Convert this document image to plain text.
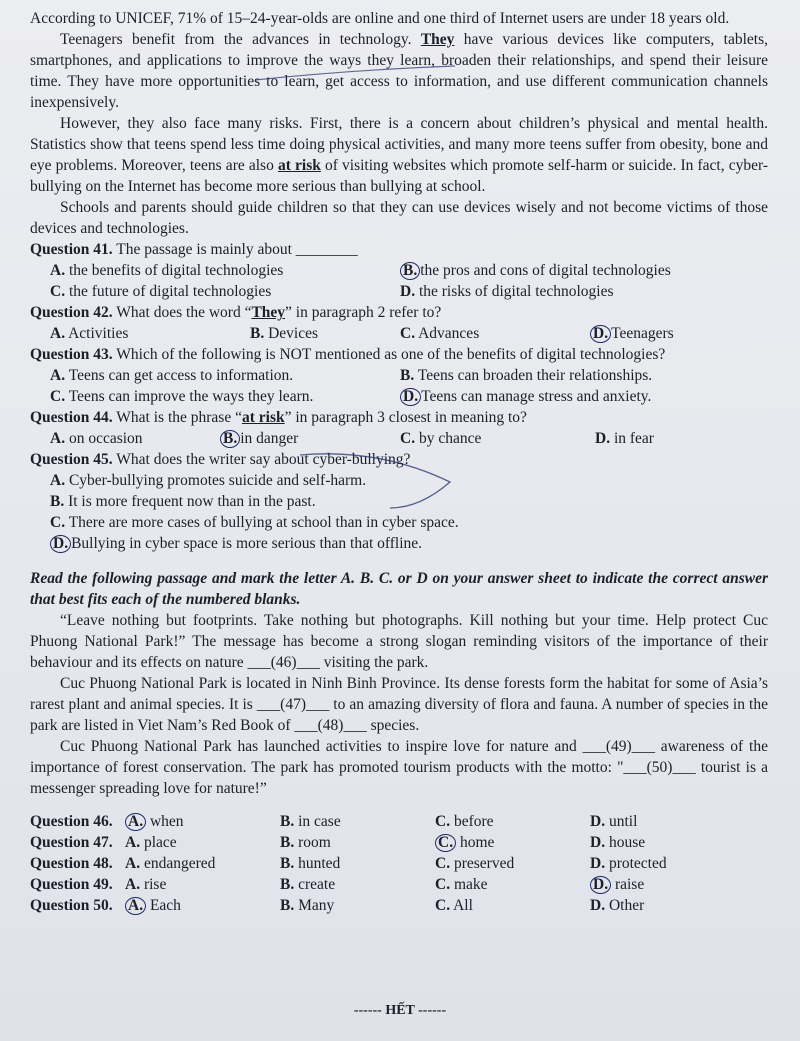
According to UNICEF, 71% of 15–24-year-olds are online and one third of Internet users are under 18 years old.

Teenagers benefit from the advances in technology. They have various devices like computers, tablets, smartphones, and applications to improve the ways they learn, broaden their relationships, and spend their leisure time. They have more opportunities to learn, get access to information, and use different communication channels inexpensively.

However, they also face many risks. First, there is a concern about children’s physical and mental health. Statistics show that teens spend less time doing physical activities, and many more teens suffer from obesity, bone and eye problems. Moreover, teens are also at risk of visiting websites which promote self-harm or suicide. In fact, cyber-bullying on the Internet has become more serious than bullying at school.

Schools and parents should guide children so that they can use devices wisely and not become victims of those devices and technologies.

Question 41. The passage is mainly about ________

A. the benefits of digital technologies	B. the pros and cons of digital technologies
C. the future of digital technologies	D. the risks of digital technologies

Question 42. What does the word “They” in paragraph 2 refer to?

A. Activities	B. Devices	C. Advances	D. Teenagers

Question 43. Which of the following is NOT mentioned as one of the benefits of digital technologies?

A. Teens can get access to information.	B. Teens can broaden their relationships.
C. Teens can improve the ways they learn.	D. Teens can manage stress and anxiety.

Question 44. What is the phrase “at risk” in paragraph 3 closest in meaning to?

A. on occasion	B. in danger	C. by chance	D. in fear

Question 45. What does the writer say about cyber-bullying?

A. Cyber-bullying promotes suicide and self-harm.
B. It is more frequent now than in the past.
C. There are more cases of bullying at school than in cyber space.
D. Bullying in cyber space is more serious than that offline.

Read the following passage and mark the letter A. B. C. or D on your answer sheet to indicate the correct answer that best fits each of the numbered blanks.

“Leave nothing but footprints. Take nothing but photographs. Kill nothing but your time. Help protect Cuc Phuong National Park!” The message has become a strong slogan reminding visitors of the importance of their behaviour and its effects on nature ___(46)___ visiting the park.

Cuc Phuong National Park is located in Ninh Binh Province. Its dense forests form the habitat for some of Asia’s rarest plant and animal species. It is ___(47)___ to an amazing diversity of flora and fauna. A number of species in the park are listed in Viet Nam’s Red Book of ___(48)___ species.

Cuc Phuong National Park has launched activities to inspire love for nature and ___(49)___ awareness of the importance of forest conservation. The park has promoted tourism products with the motto: "___(50)___ tourist is a messenger spreading love for nature!”

Question 46. A. when	B. in case	C. before	D. until
Question 47. A. place	B. room	C. home	D. house
Question 48. A. endangered	B. hunted	C. preserved	D. protected
Question 49. A. rise	B. create	C. make	D. raise
Question 50. A. Each	B. Many	C. All	D. Other
------ HẾT ------
